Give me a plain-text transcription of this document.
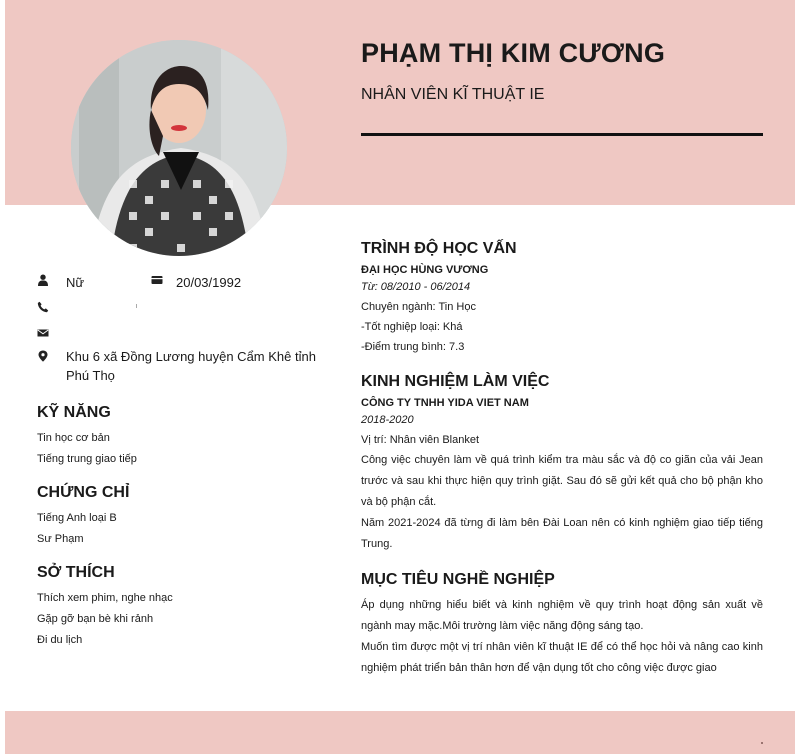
PHẠM THỊ KIM CƯƠNG
NHÂN VIÊN KĨ THUẬT IE
Nữ	20/03/1992
Khu 6 xã Đồng Lương huyện Cẩm Khê tỉnh Phú Thọ
KỸ NĂNG
Tin học cơ bản
Tiếng trung giao tiếp
CHỨNG CHỈ
Tiếng Anh loại B
Sư Phạm
SỞ THÍCH
Thích xem phim, nghe nhạc
Gặp gỡ bạn bè khi rảnh
Đi du lịch
TRÌNH ĐỘ HỌC VẤN
ĐẠI HỌC HÙNG VƯƠNG
Từ: 08/2010 - 06/2014
Chuyên ngành: Tin Học
-Tốt nghiệp loại: Khá
-Điểm trung bình: 7.3
KINH NGHIỆM LÀM VIỆC
CÔNG TY TNHH YIDA VIET NAM
2018-2020
Vị trí: Nhân viên Blanket
Công việc chuyên làm về quá trình kiểm tra màu sắc và độ co giãn của vải Jean trước và sau khi thực hiện quy trình giặt. Sau đó sẽ gửi kết quả cho bộ phận kho và bộ phận cắt.
Năm 2021-2024 đã từng đi làm bên Đài Loan nên có kinh nghiệm giao tiếp tiếng Trung.
MỤC TIÊU NGHỀ NGHIỆP
Áp dụng những hiểu biết và kinh nghiệm về quy trình hoạt động sản xuất về ngành may mặc.Môi trường làm việc năng động sáng tạo.
Muốn tìm được một vị trí nhân viên kĩ thuật IE để có thể học hỏi và nâng cao kinh nghiệm phát triển bản thân hơn để vận dụng tốt cho công việc được giao
